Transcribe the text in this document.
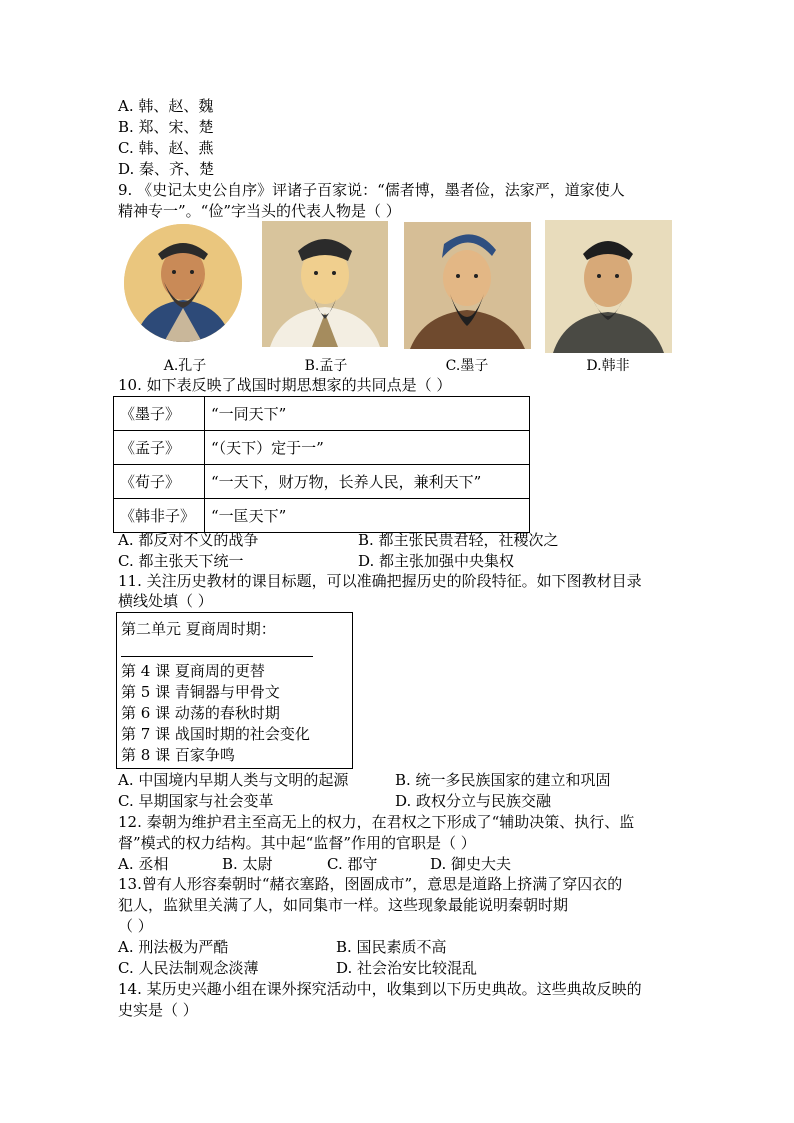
A. 韩、赵、魏
B. 郑、宋、楚
C. 韩、赵、燕
D. 秦、齐、楚
9. 《史记太史公自序》评诸子百家说：“儒者博，墨者俭，法家严，道家使人
精神专一”。“俭”字当头的代表人物是（ ）
A.孔子	B.孟子	C.墨子	D.韩非
10. 如下表反映了战国时期思想家的共同点是（ ）
《墨子》	“一同天下”
《孟子》	“（天下）定于一”
《荀子》	“一天下，财万物，长养人民，兼利天下”
《韩非子》	“一匡天下”
A. 都反对不义的战争	B. 都主张民贵君轻，社稷次之
C. 都主张天下统一	D. 都主张加强中央集权
11. 关注历史教材的课目标题，可以准确把握历史的阶段特征。如下图教材目录
横线处填（ ）
第二单元 夏商周时期：
第 4 课 夏商周的更替
第 5 课 青铜器与甲骨文
第 6 课 动荡的春秋时期
第 7 课 战国时期的社会变化
第 8 课 百家争鸣
A. 中国境内早期人类与文明的起源	B. 统一多民族国家的建立和巩固
C. 早期国家与社会变革	D. 政权分立与民族交融
12. 秦朝为维护君主至高无上的权力，在君权之下形成了“辅助决策、执行、监
督”模式的权力结构。其中起“监督”作用的官职是（ ）
A. 丞相	B. 太尉	C. 郡守	D. 御史大夫
13.曾有人形容秦朝时“赭衣塞路，囹圄成市”，意思是道路上挤满了穿囚衣的
犯人，监狱里关满了人，如同集市一样。这些现象最能说明秦朝时期
（ ）
A. 刑法极为严酷	B. 国民素质不高
C. 人民法制观念淡薄	D. 社会治安比较混乱
14. 某历史兴趣小组在课外探究活动中，收集到以下历史典故。这些典故反映的
史实是（ ）
